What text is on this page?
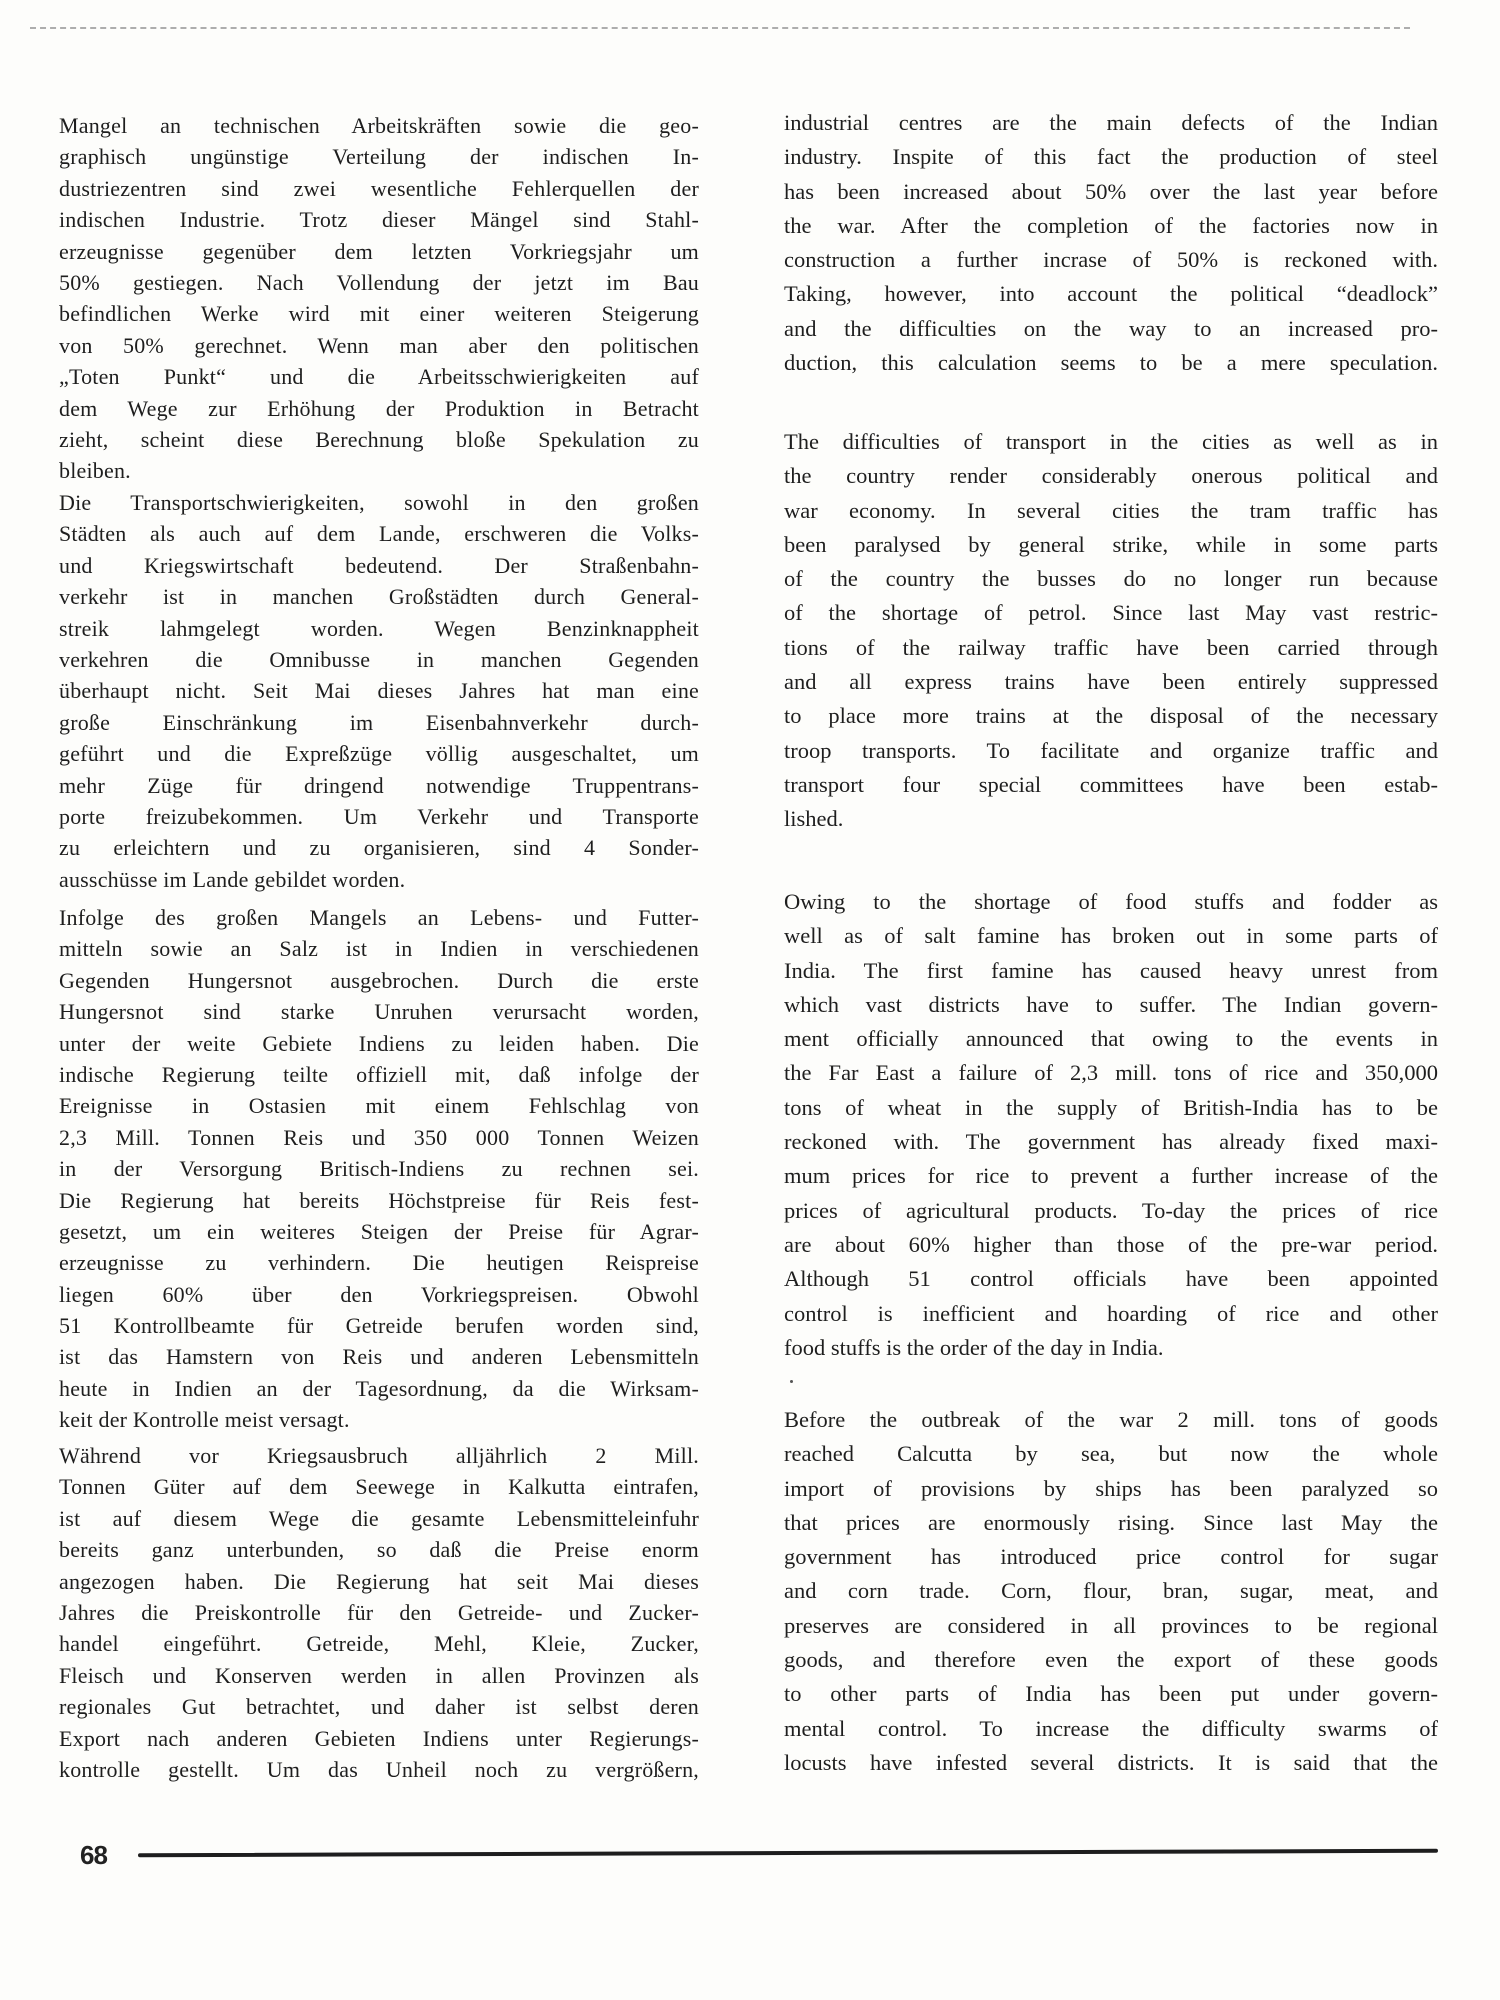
Mangel an technischen Arbeitskräften sowie die geo-
graphisch ungünstige Verteilung der indischen In-
dustriezentren sind zwei wesentliche Fehlerquellen der
indischen Industrie. Trotz dieser Mängel sind Stahl-
erzeugnisse gegenüber dem letzten Vorkriegsjahr um
50% gestiegen. Nach Vollendung der jetzt im Bau
befindlichen Werke wird mit einer weiteren Steigerung
von 50% gerechnet. Wenn man aber den politischen
„Toten Punkt“ und die Arbeitsschwierigkeiten auf
dem Wege zur Erhöhung der Produktion in Betracht
zieht, scheint diese Berechnung bloße Spekulation zu
bleiben.
Die Transportschwierigkeiten, sowohl in den großen
Städten als auch auf dem Lande, erschweren die Volks-
und Kriegswirtschaft bedeutend. Der Straßenbahn-
verkehr ist in manchen Großstädten durch General-
streik lahmgelegt worden. Wegen Benzinknappheit
verkehren die Omnibusse in manchen Gegenden
überhaupt nicht. Seit Mai dieses Jahres hat man eine
große Einschränkung im Eisenbahnverkehr durch-
geführt und die Expreßzüge völlig ausgeschaltet, um
mehr Züge für dringend notwendige Truppentrans-
porte freizubekommen. Um Verkehr und Transporte
zu erleichtern und zu organisieren, sind 4 Sonder-
ausschüsse im Lande gebildet worden.
Infolge des großen Mangels an Lebens- und Futter-
mitteln sowie an Salz ist in Indien in verschiedenen
Gegenden Hungersnot ausgebrochen. Durch die erste
Hungersnot sind starke Unruhen verursacht worden,
unter der weite Gebiete Indiens zu leiden haben. Die
indische Regierung teilte offiziell mit, daß infolge der
Ereignisse in Ostasien mit einem Fehlschlag von
2,3 Mill. Tonnen Reis und 350 000 Tonnen Weizen
in der Versorgung Britisch-Indiens zu rechnen sei.
Die Regierung hat bereits Höchstpreise für Reis fest-
gesetzt, um ein weiteres Steigen der Preise für Agrar-
erzeugnisse zu verhindern. Die heutigen Reispreise
liegen 60% über den Vorkriegspreisen. Obwohl
51 Kontrollbeamte für Getreide berufen worden sind,
ist das Hamstern von Reis und anderen Lebensmitteln
heute in Indien an der Tagesordnung, da die Wirksam-
keit der Kontrolle meist versagt.
Während vor Kriegsausbruch alljährlich 2 Mill.
Tonnen Güter auf dem Seewege in Kalkutta eintrafen,
ist auf diesem Wege die gesamte Lebensmitteleinfuhr
bereits ganz unterbunden, so daß die Preise enorm
angezogen haben. Die Regierung hat seit Mai dieses
Jahres die Preiskontrolle für den Getreide- und Zucker-
handel eingeführt. Getreide, Mehl, Kleie, Zucker,
Fleisch und Konserven werden in allen Provinzen als
regionales Gut betrachtet, und daher ist selbst deren
Export nach anderen Gebieten Indiens unter Regierungs-
kontrolle gestellt. Um das Unheil noch zu vergrößern,
industrial centres are the main defects of the Indian
industry. Inspite of this fact the production of steel
has been increased about 50% over the last year before
the war. After the completion of the factories now in
construction a further incrase of 50% is reckoned with.
Taking, however, into account the political “deadlock”
and the difficulties on the way to an increased pro-
duction, this calculation seems to be a mere speculation.
The difficulties of transport in the cities as well as in
the country render considerably onerous political and
war economy. In several cities the tram traffic has
been paralysed by general strike, while in some parts
of the country the busses do no longer run because
of the shortage of petrol. Since last May vast restric-
tions of the railway traffic have been carried through
and all express trains have been entirely suppressed
to place more trains at the disposal of the necessary
troop transports. To facilitate and organize traffic and
transport four special committees have been estab-
lished.
Owing to the shortage of food stuffs and fodder as
well as of salt famine has broken out in some parts of
India. The first famine has caused heavy unrest from
which vast districts have to suffer. The Indian govern-
ment officially announced that owing to the events in
the Far East a failure of 2,3 mill. tons of rice and 350,000
tons of wheat in the supply of British-India has to be
reckoned with. The government has already fixed maxi-
mum prices for rice to prevent a further increase of the
prices of agricultural products. To-day the prices of rice
are about 60% higher than those of the pre-war period.
Although 51 control officials have been appointed
control is inefficient and hoarding of rice and other
food stuffs is the order of the day in India.
Before the outbreak of the war 2 mill. tons of goods
reached Calcutta by sea, but now the whole
import of provisions by ships has been paralyzed so
that prices are enormously rising. Since last May the
government has introduced price control for sugar
and corn trade. Corn, flour, bran, sugar, meat, and
preserves are considered in all provinces to be regional
goods, and therefore even the export of these goods
to other parts of India has been put under govern-
mental control. To increase the difficulty swarms of
locusts have infested several districts. It is said that the
68
